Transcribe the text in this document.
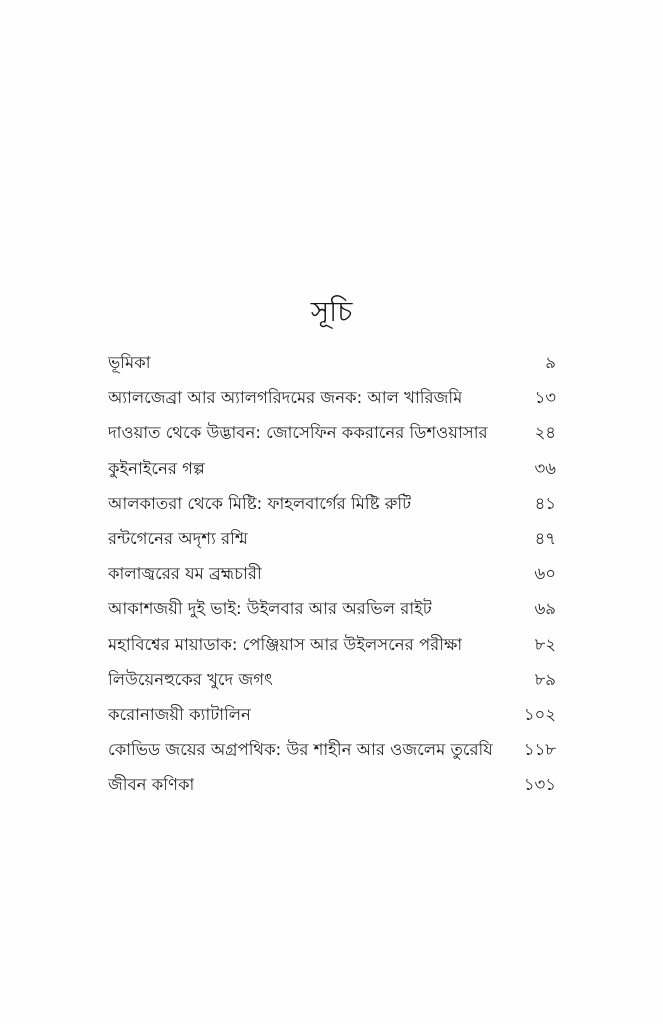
সূচি
ভূমিকা	৯
অ্যালজেব্রা আর অ্যালগরিদমের জনক: আল খারিজমি	১৩
দাওয়াত থেকে উদ্ভাবন: জোসেফিন ককরানের ডিশওয়াসার	২৪
কুইনাইনের গল্প	৩৬
আলকাতরা থেকে মিষ্টি: ফাহলবার্গের মিষ্টি রুটি	৪১
রন্টগেনের অদৃশ্য রশ্মি	৪৭
কালাজ্বরের যম ব্রহ্মচারী	৬০
আকাশজয়ী দুই ভাই: উইলবার আর অরভিল রাইট	৬৯
মহাবিশ্বের মায়াডাক: পেঞ্জিয়াস আর উইলসনের পরীক্ষা	৮২
লিউয়েনহুকের খুদে জগৎ	৮৯
করোনাজয়ী ক্যাটালিন	১০২
কোভিড জয়ের অগ্রপথিক: উর শাহীন আর ওজলেম তুরেযি	১১৮
জীবন কণিকা	১৩১
